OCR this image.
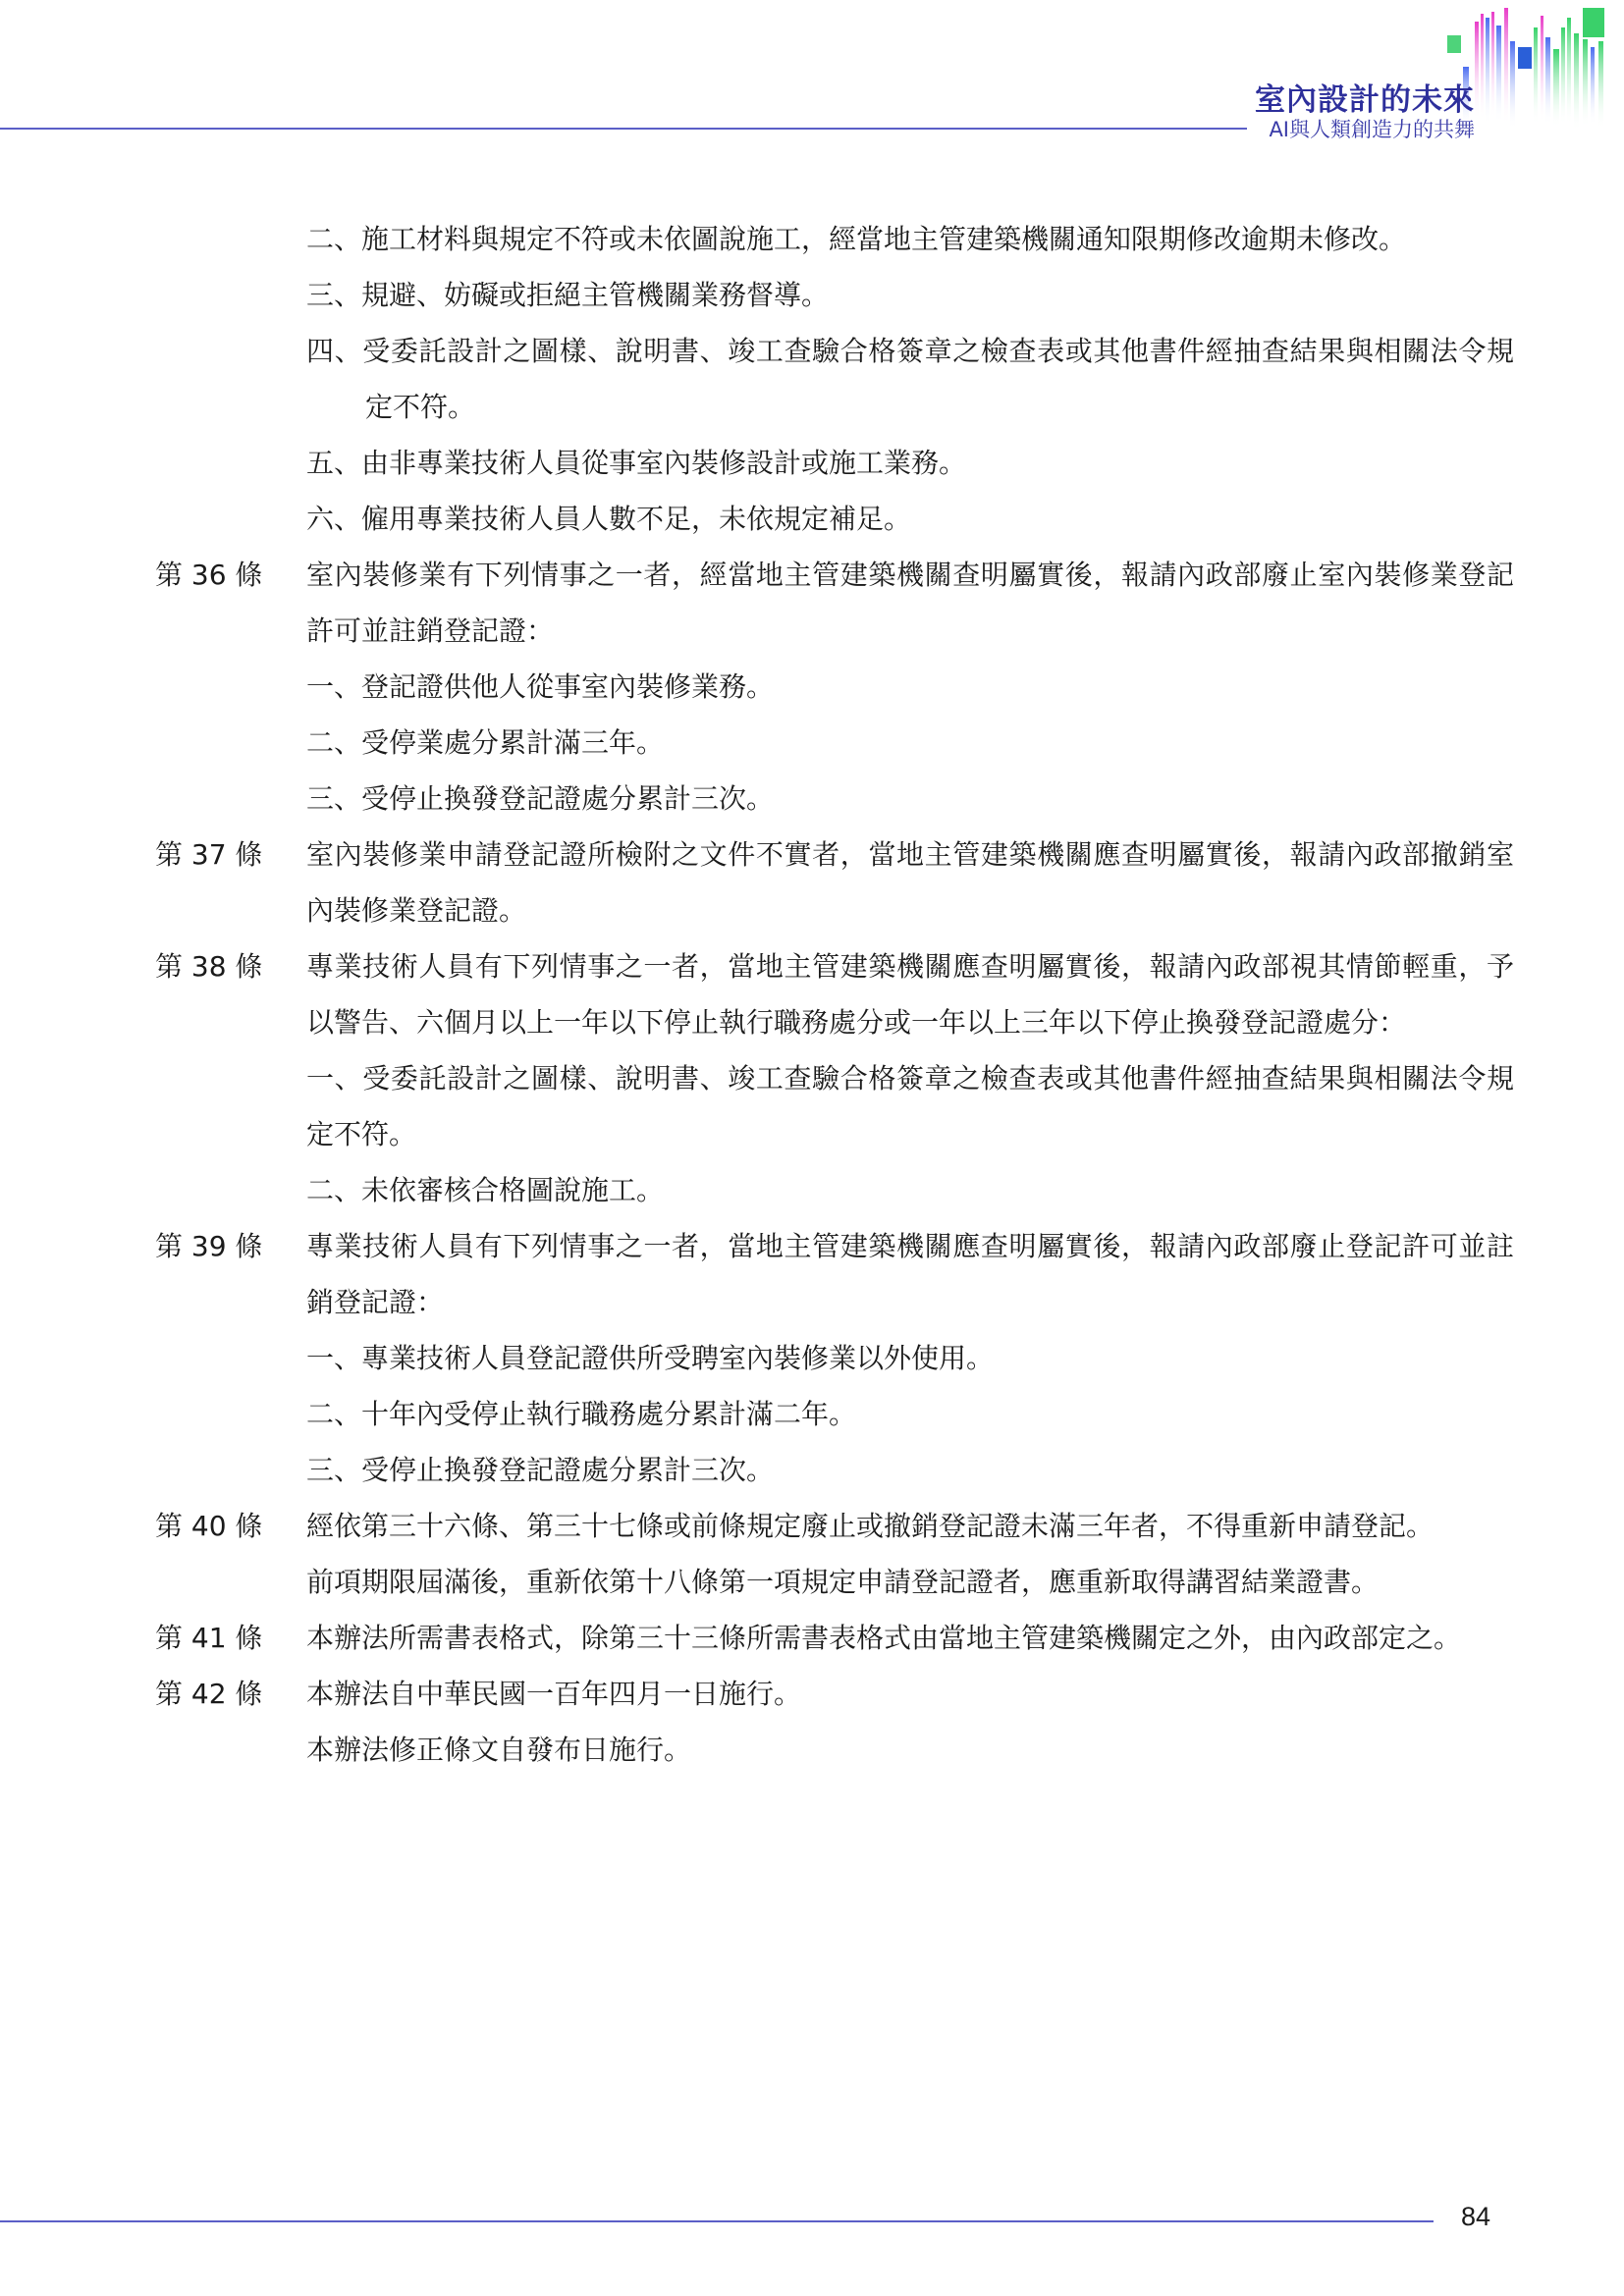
室內設計的未來
AI與人類創造力的共舞
二、施工材料與規定不符或未依圖說施工，經當地主管建築機關通知限期修改逾期未修改。
三、規避、妨礙或拒絕主管機關業務督導。
四、受委託設計之圖樣、說明書、竣工查驗合格簽章之檢查表或其他書件經抽查結果與相關法令規定不符。
五、由非專業技術人員從事室內裝修設計或施工業務。
六、僱用專業技術人員人數不足，未依規定補足。
第 36 條 室內裝修業有下列情事之一者，經當地主管建築機關查明屬實後，報請內政部廢止室內裝修業登記許可並註銷登記證：
一、登記證供他人從事室內裝修業務。
二、受停業處分累計滿三年。
三、受停止換發登記證處分累計三次。
第 37 條 室內裝修業申請登記證所檢附之文件不實者，當地主管建築機關應查明屬實後，報請內政部撤銷室內裝修業登記證。
第 38 條 專業技術人員有下列情事之一者，當地主管建築機關應查明屬實後，報請內政部視其情節輕重，予以警告、六個月以上一年以下停止執行職務處分或一年以上三年以下停止換發登記證處分：
一、受委託設計之圖樣、說明書、竣工查驗合格簽章之檢查表或其他書件經抽查結果與相關法令規定不符。
二、未依審核合格圖說施工。
第 39 條 專業技術人員有下列情事之一者，當地主管建築機關應查明屬實後，報請內政部廢止登記許可並註銷登記證：
一、專業技術人員登記證供所受聘室內裝修業以外使用。
二、十年內受停止執行職務處分累計滿二年。
三、受停止換發登記證處分累計三次。
第 40 條 經依第三十六條、第三十七條或前條規定廢止或撤銷登記證未滿三年者，不得重新申請登記。
前項期限屆滿後，重新依第十八條第一項規定申請登記證者，應重新取得講習結業證書。
第 41 條 本辦法所需書表格式，除第三十三條所需書表格式由當地主管建築機關定之外，由內政部定之。
第 42 條 本辦法自中華民國一百年四月一日施行。
本辦法修正條文自發布日施行。
84
